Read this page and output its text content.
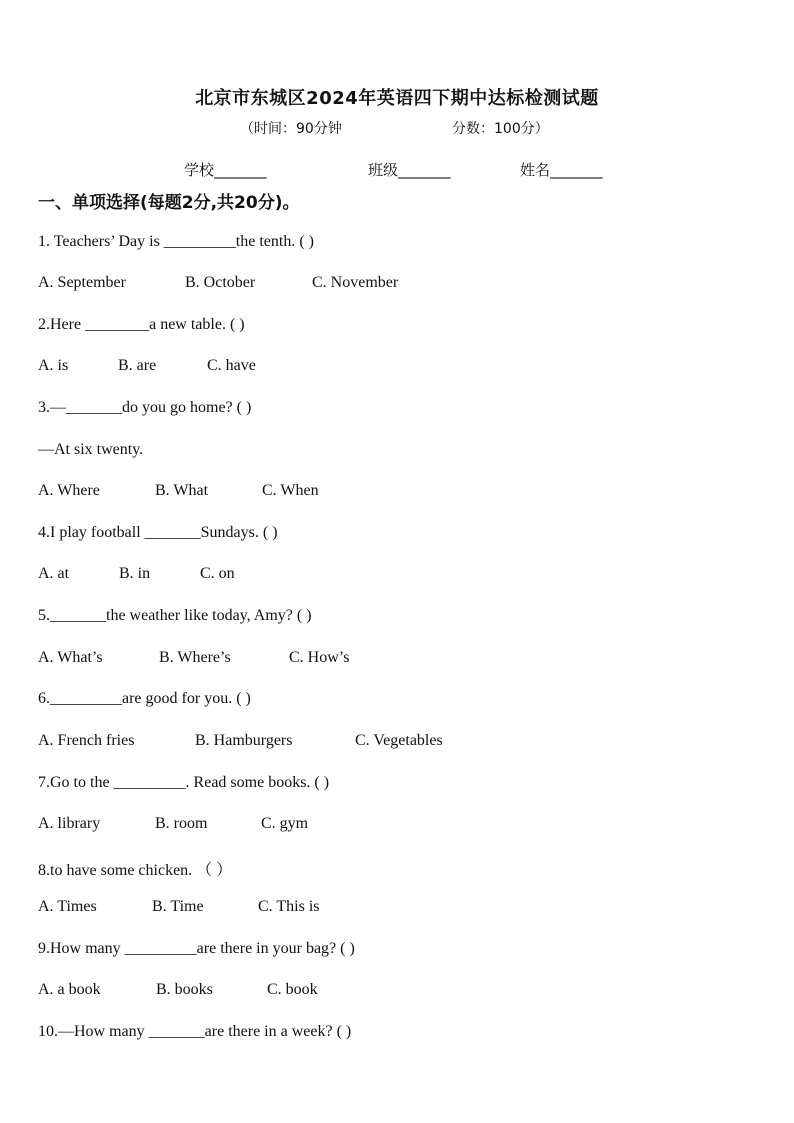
北京市东城区2024年英语四下期中达标检测试题
（时间：90分钟	分数：100分）
学校_______	班级_______	姓名_______
一、单项选择(每题2分,共20分)。
1. Teachers’ Day is _________the tenth. ( )
A. September	B. October	C. November
2.Here ________a new table. ( )
A. is	B. are	C. have
3.—_______do you go home? ( )
—At six twenty.
A. Where	B. What	C. When
4.I play football _______Sundays. ( )
A. at	B. in	C. on
5._______the weather like today, Amy? ( )
A. What’s	B. Where’s	C. How’s
6._________are good for you. ( )
A. French fries	B. Hamburgers	C. Vegetables
7.Go to the _________. Read some books. ( )
A. library	B. room	C. gym
8.to have some chicken. （ ）
A. Times	B. Time	C. This is
9.How many _________are there in your bag? ( )
A. a book	B. books	C. book
10.—How many _______are there in a week? ( )
